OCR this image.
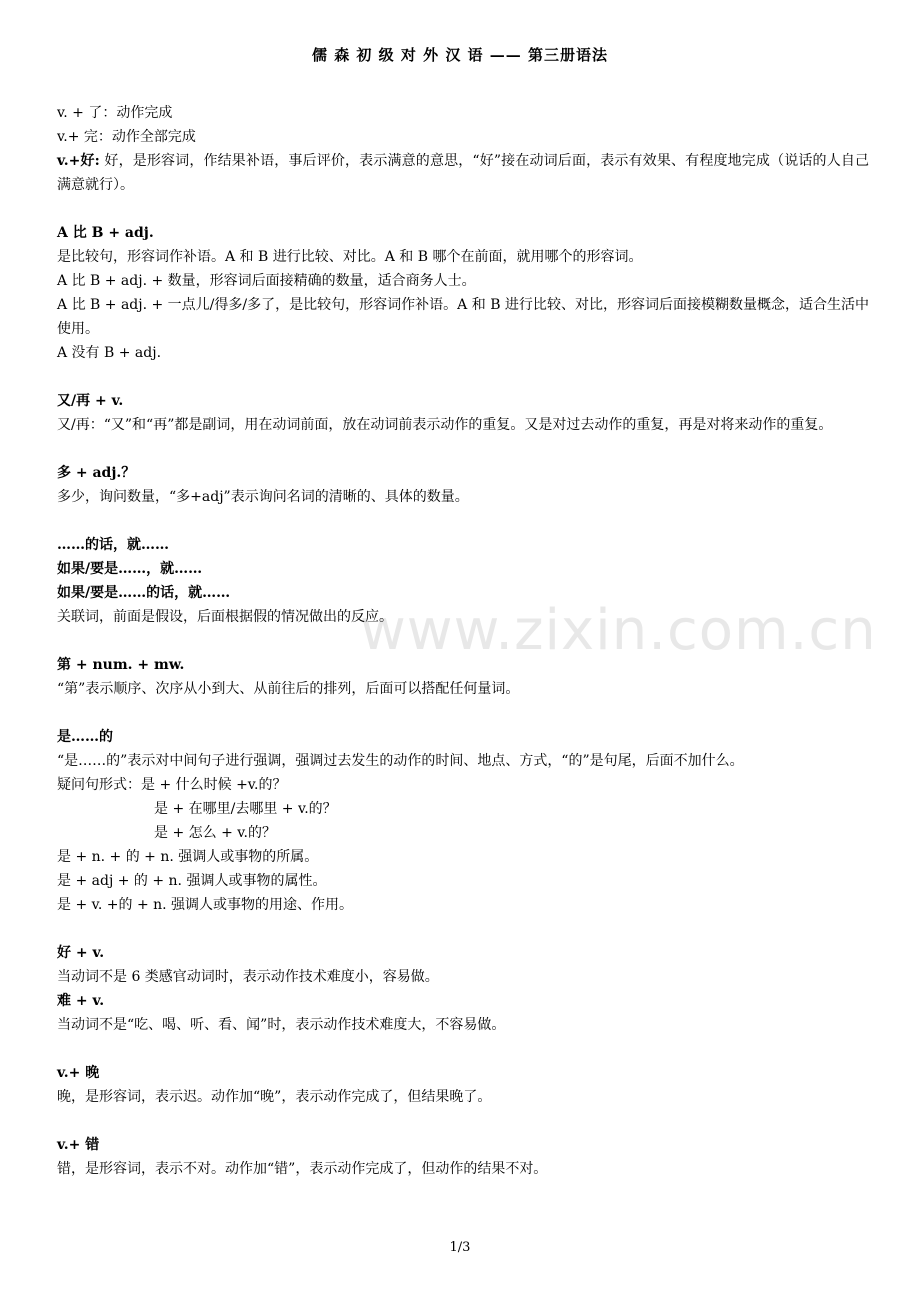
儒 森 初 级 对 外 汉 语 —— 第三册语法
www.zixin.com.cn
v. + 了：动作完成
v.+ 完：动作全部完成
v.+好: 好，是形容词，作结果补语，事后评价，表示满意的意思，“好”接在动词后面，表示有效果、有程度地完成（说话的人自己满意就行）。
A 比 B + adj.
是比较句，形容词作补语。A 和 B 进行比较、对比。A 和 B 哪个在前面，就用哪个的形容词。
A 比 B + adj. + 数量，形容词后面接精确的数量，适合商务人士。
A 比 B + adj. + 一点儿/得多/多了，是比较句，形容词作补语。A 和 B 进行比较、对比，形容词后面接模糊数量概念，适合生活中使用。
A 没有 B + adj.
又/再 + v.
又/再：“又”和“再”都是副词，用在动词前面，放在动词前表示动作的重复。又是对过去动作的重复，再是对将来动作的重复。
多 + adj.？
多少，询问数量，“多+adj”表示询问名词的清晰的、具体的数量。
……的话，就……
如果/要是……，就……
如果/要是……的话，就……
关联词，前面是假设，后面根据假的情况做出的反应。
第 + num. + mw.
“第”表示顺序、次序从小到大、从前往后的排列，后面可以搭配任何量词。
是……的
“是……的”表示对中间句子进行强调，强调过去发生的动作的时间、地点、方式，“的”是句尾，后面不加什么。
疑问句形式：是 + 什么时候 +v.的？
是 + 在哪里/去哪里 + v.的？
是 + 怎么 + v.的？
是 + n. + 的 + n. 强调人或事物的所属。
是 + adj + 的 + n. 强调人或事物的属性。
是 + v. +的 + n. 强调人或事物的用途、作用。
好 + v.
当动词不是 6 类感官动词时，表示动作技术难度小，容易做。
难 + v.
当动词不是“吃、喝、听、看、闻”时，表示动作技术难度大，不容易做。
v.+ 晚
晚，是形容词，表示迟。动作加“晚”，表示动作完成了，但结果晚了。
v.+ 错
错，是形容词，表示不对。动作加“错”，表示动作完成了，但动作的结果不对。
1/3
